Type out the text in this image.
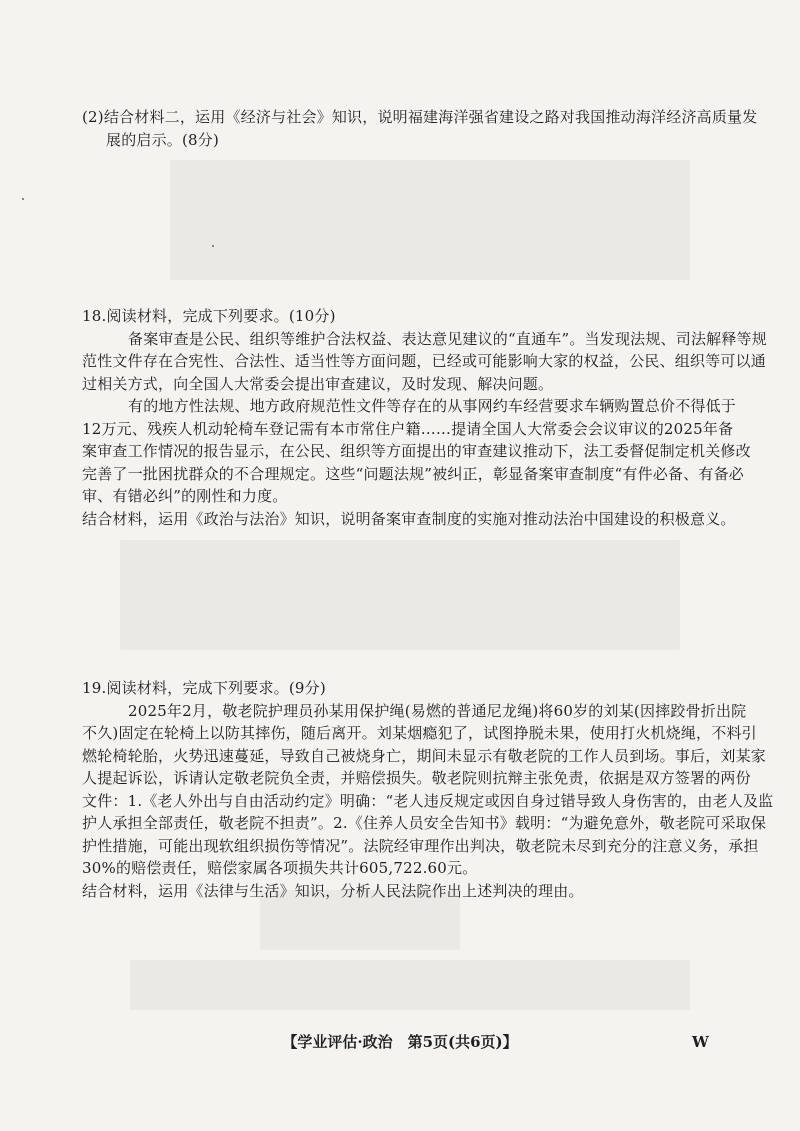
(2)结合材料二，运用《经济与社会》知识，说明福建海洋强省建设之路对我国推动海洋经济高质量发
展的启示。(8分)
18.阅读材料，完成下列要求。(10分)
备案审查是公民、组织等维护合法权益、表达意见建议的“直通车”。当发现法规、司法解释等规
范性文件存在合宪性、合法性、适当性等方面问题，已经或可能影响大家的权益，公民、组织等可以通
过相关方式，向全国人大常委会提出审查建议，及时发现、解决问题。
有的地方性法规、地方政府规范性文件等存在的从事网约车经营要求车辆购置总价不得低于
12万元、残疾人机动轮椅车登记需有本市常住户籍……提请全国人大常委会会议审议的2025年备
案审查工作情况的报告显示，在公民、组织等方面提出的审查建议推动下，法工委督促制定机关修改
完善了一批困扰群众的不合理规定。这些“问题法规”被纠正，彰显备案审查制度“有件必备、有备必
审、有错必纠”的刚性和力度。
结合材料，运用《政治与法治》知识，说明备案审查制度的实施对推动法治中国建设的积极意义。
19.阅读材料，完成下列要求。(9分)
2025年2月，敬老院护理员孙某用保护绳(易燃的普通尼龙绳)将60岁的刘某(因摔跤骨折出院
不久)固定在轮椅上以防其摔伤，随后离开。刘某烟瘾犯了，试图挣脱未果，使用打火机烧绳，不料引
燃轮椅轮胎，火势迅速蔓延，导致自己被烧身亡，期间未显示有敬老院的工作人员到场。事后，刘某家
人提起诉讼，诉请认定敬老院负全责，并赔偿损失。敬老院则抗辩主张免责，依据是双方签署的两份
文件：1.《老人外出与自由活动约定》明确：“老人违反规定或因自身过错导致人身伤害的，由老人及监
护人承担全部责任，敬老院不担责”。2.《住养人员安全告知书》载明：“为避免意外，敬老院可采取保
护性措施，可能出现软组织损伤等情况”。法院经审理作出判决，敬老院未尽到充分的注意义务，承担
30%的赔偿责任，赔偿家属各项损失共计605,722.60元。
结合材料，运用《法律与生活》知识，分析人民法院作出上述判决的理由。
【学业评估·政治　第5页(共6页)】	W
